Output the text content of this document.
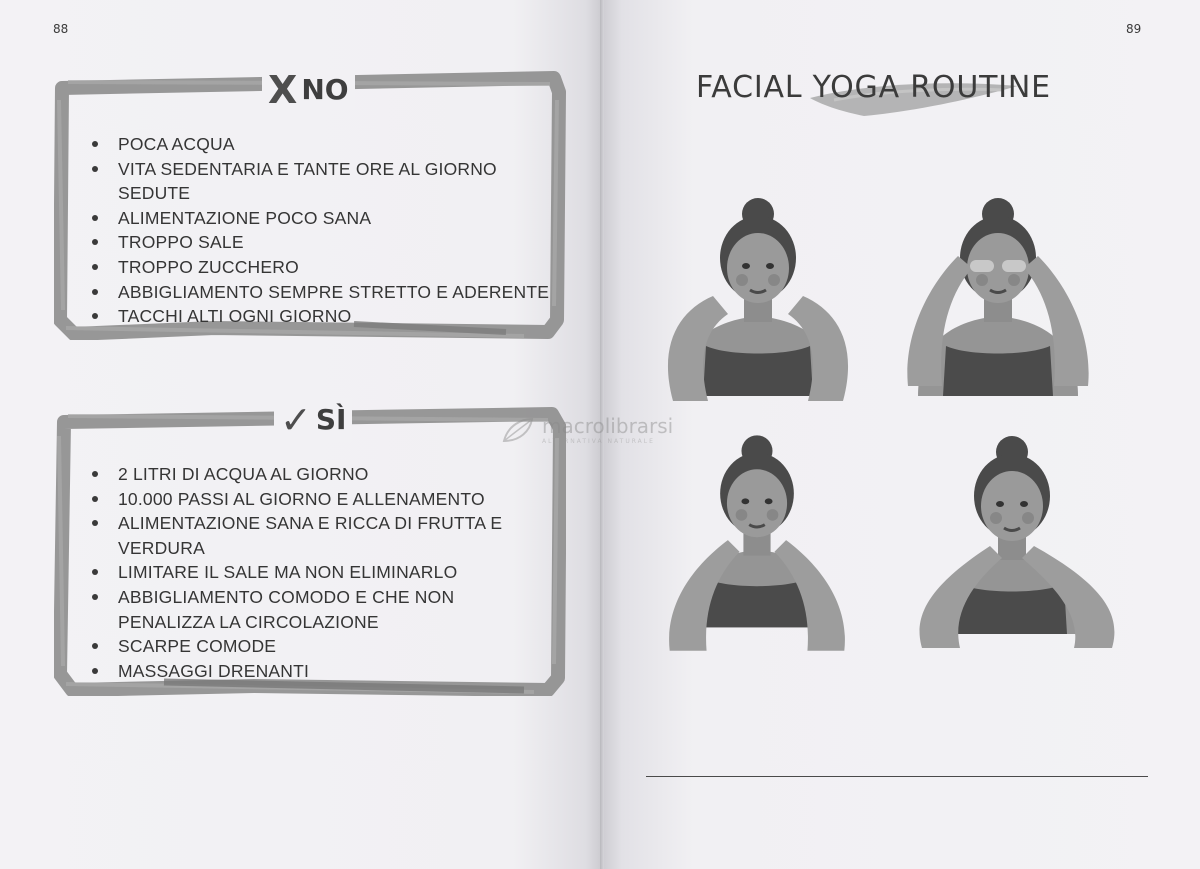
88
X NO
POCA ACQUA
VITA SEDENTARIA E TANTE ORE AL GIORNO SEDUTE
ALIMENTAZIONE POCO SANA
TROPPO SALE
TROPPO ZUCCHERO
ABBIGLIAMENTO SEMPRE STRETTO E ADERENTE
TACCHI ALTI OGNI GIORNO
✓ SÌ
2 LITRI DI ACQUA AL GIORNO
10.000 PASSI AL GIORNO E ALLENAMENTO
ALIMENTAZIONE SANA E RICCA DI FRUTTA E VERDURA
LIMITARE IL SALE MA NON ELIMINARLO
ABBIGLIAMENTO COMODO E CHE NON PENALIZZA LA CIRCOLAZIONE
SCARPE COMODE
MASSAGGI DRENANTI
89
FACIAL YOGA ROUTINE
macrolibrarsi
ALTERNATIVA NATURALE
